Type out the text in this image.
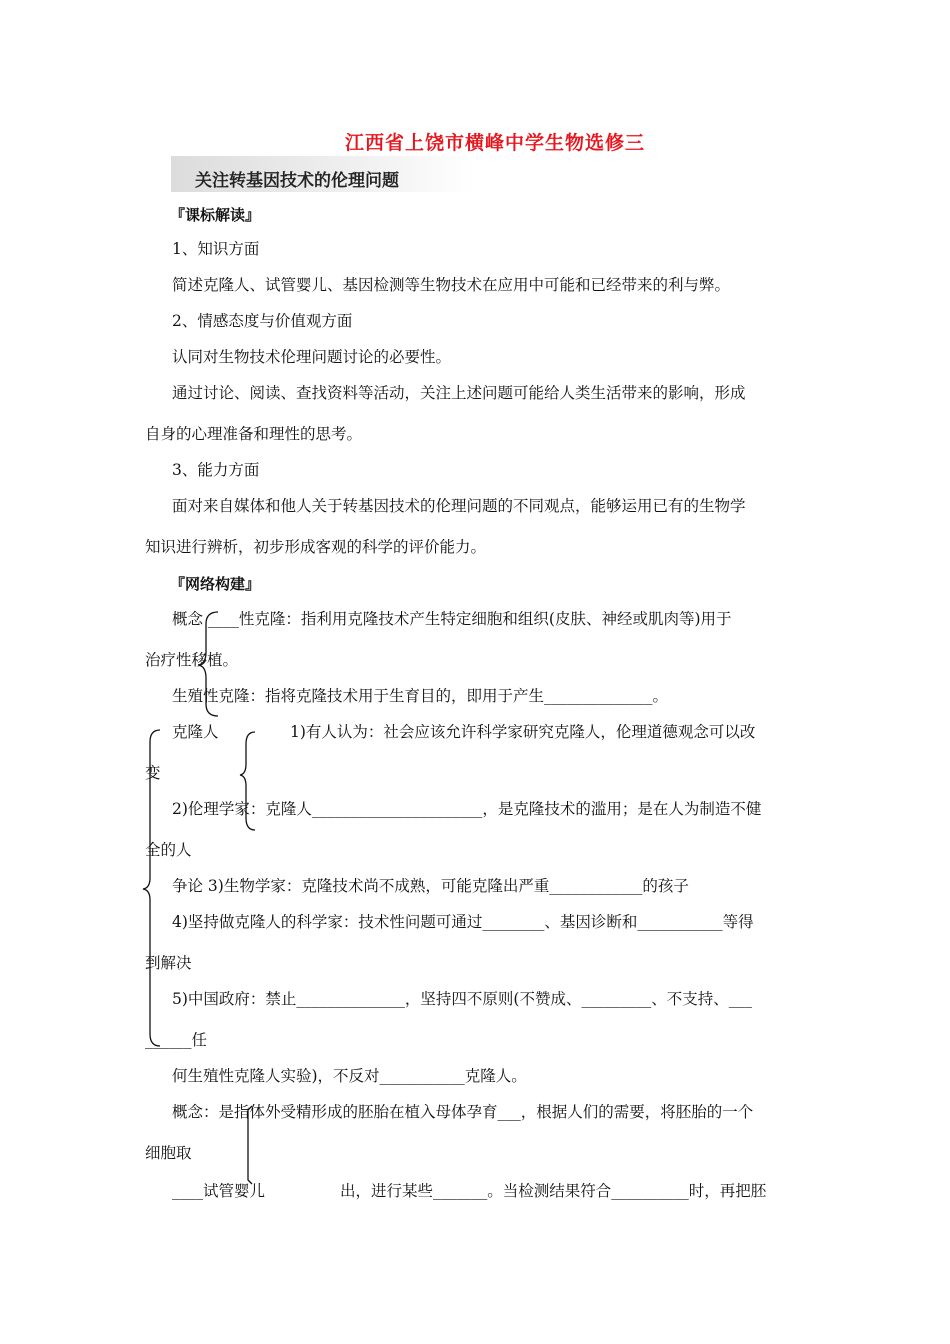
江西省上饶市横峰中学生物选修三
关注转基因技术的伦理问题
『课标解读』
1、知识方面
简述克隆人、试管婴儿、基因检测等生物技术在应用中可能和已经带来的利与弊。
2、情感态度与价值观方面
认同对生物技术伦理问题讨论的必要性。
通过讨论、阅读、查找资料等活动，关注上述问题可能给人类生活带来的影响，形成
自身的心理准备和理性的思考。
3、能力方面
面对来自媒体和他人关于转基因技术的伦理问题的不同观点，能够运用已有的生物学
知识进行辨析，初步形成客观的科学的评价能力。
『网络构建』
概念 ____性克隆：指利用克隆技术产生特定细胞和组织(皮肤、神经或肌肉等)用于
治疗性移植。
生殖性克隆：指将克隆技术用于生育目的，即用于产生______________。
克隆人	1)有人认为：社会应该允许科学家研究克隆人，伦理道德观念可以改
变
2)伦理学家：克隆人______________________，是克隆技术的滥用；是在人为制造不健
全的人
争论 3)生物学家：克隆技术尚不成熟，可能克隆出严重____________的孩子
4)坚持做克隆人的科学家：技术性问题可通过________、基因诊断和___________等得
到解决
5)中国政府：禁止______________，坚持四不原则(不赞成、_________、不支持、___
______任
何生殖性克隆人实验)，不反对___________克隆人。
概念：是指体外受精形成的胚胎在植入母体孕育___，根据人们的需要，将胚胎的一个
细胞取
____试管婴儿	出，进行某些_______。当检测结果符合__________时，再把胚
